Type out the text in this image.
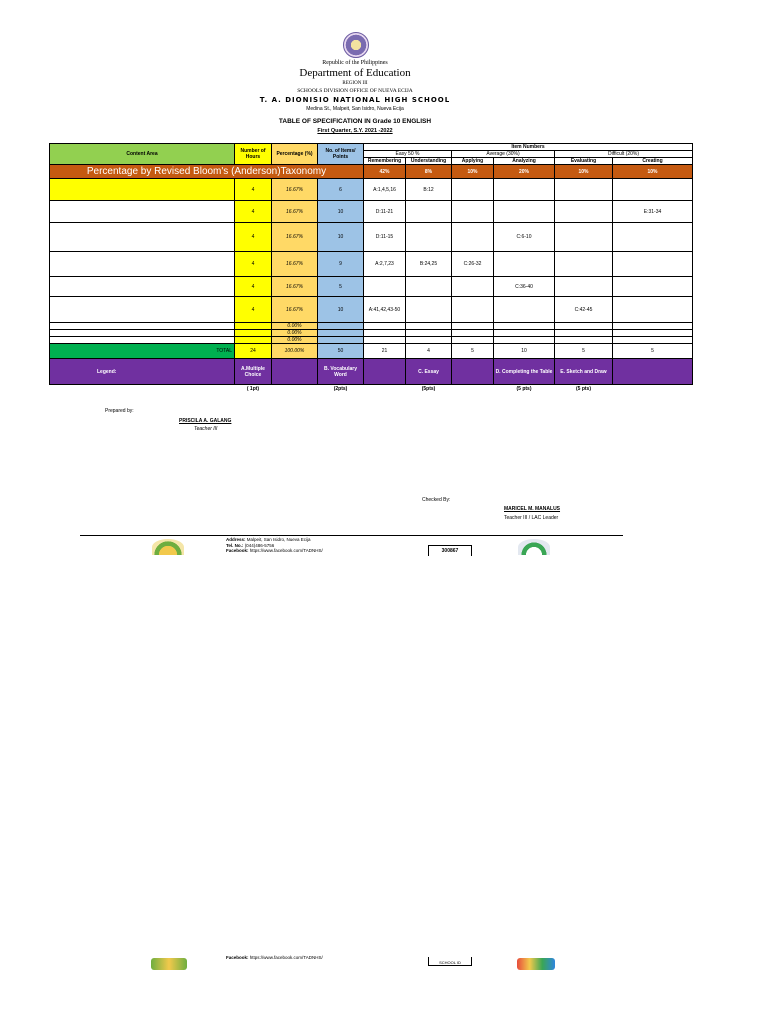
Republic of the Philippines
Department of Education
REGION III
SCHOOLS DIVISION OFFICE OF NUEVA ECIJA
T. A. DIONISIO NATIONAL HIGH SCHOOL
Medina St., Malpeit, San Isidro, Nueva Ecija
TABLE OF SPECIFICATION IN Grade 10 ENGLISH
First Quarter, S.Y. 2021 -2022
Content Area	Number of Hours	Percentage (%)	No. of Items/ Points	Item Numbers					
				Easy 50 %		Average (30%)		Difficult (20%)	
				Remembering	Understanding	Applying	Analyzing	Evaluating	Creating
Percentage by Revised Bloom's (Anderson)Taxonomy				42%	8%	10%	20%	10%	10%
	4	16.67%	6	A:1,4,5,16	B:12				
	4	16.67%	10	D:11-21					E:31-34
	4	16.67%	10	D:11-15			C:6-10		
	4	16.67%	9	A:2,7,23	B:24,25	C:26-32			
	4	16.67%	5				C:36-40		
	4	16.67%	10	A:41,42,43-50				C:42-45	
		0.00%							
		0.00%							
		0.00%							
TOTAL	24	100.00%	50	21	4	5	10	5	5
Legend:	A.Multiple Choice		B. Vocabulary Word		C. Essay		D. Completing the Table	E. Sketch and Draw	
	( 1pt)		(2pts)		(5pts)		(5 pts)	(5 pts)	
Prepared by:
PRISCILA A. GALANG
Teacher III
Checked By:
MARICEL M. MANALUS
Teacher III / LAC Leader
Address: Malpeit, San Isidro, Nueva Ecija
Tel. No.: (044)486-5756
Facebook: https://www.facebook.com/TADNHS/	300867
Facebook: https://www.facebook.com/TADNHS/
SCHOOL ID
